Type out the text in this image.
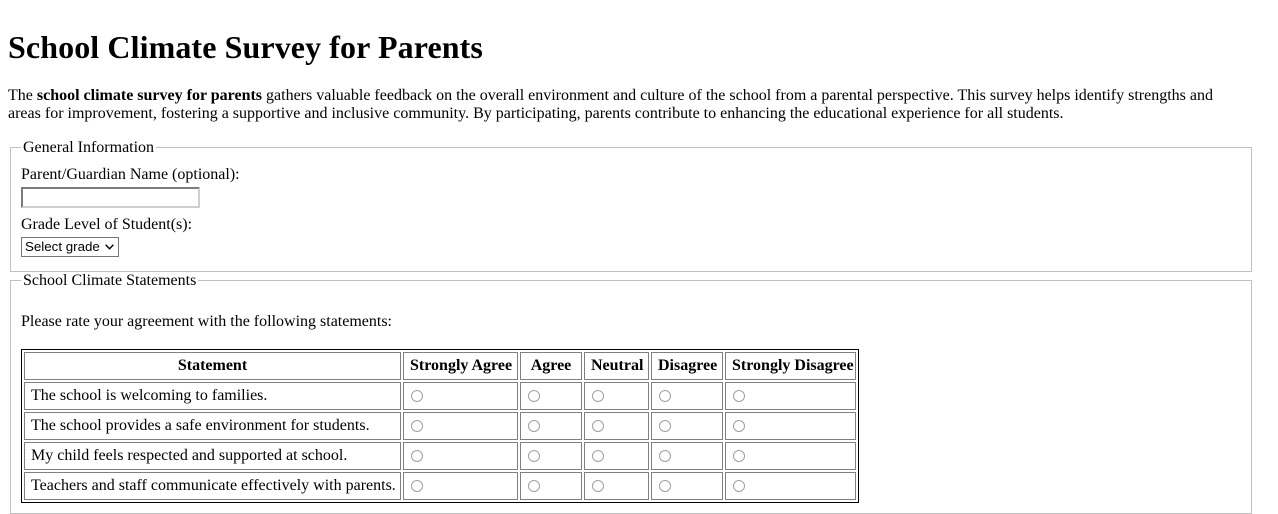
School Climate Survey for Parents

The school climate survey for parents gathers valuable feedback on the overall environment and culture of the school from a parental perspective. This survey helps identify strengths and areas for improvement, fostering a supportive and inclusive community. By participating, parents contribute to enhancing the educational experience for all students.

General Information
Parent/Guardian Name (optional):
Grade Level of Student(s):
Select grade
School Climate Statements

Please rate your agreement with the following statements:

Statement	Strongly Agree	Agree	Neutral	Disagree	Strongly Disagree
The school is welcoming to families.					
The school provides a safe environment for students.					
My child feels respected and supported at school.					
Teachers and staff communicate effectively with parents.					
